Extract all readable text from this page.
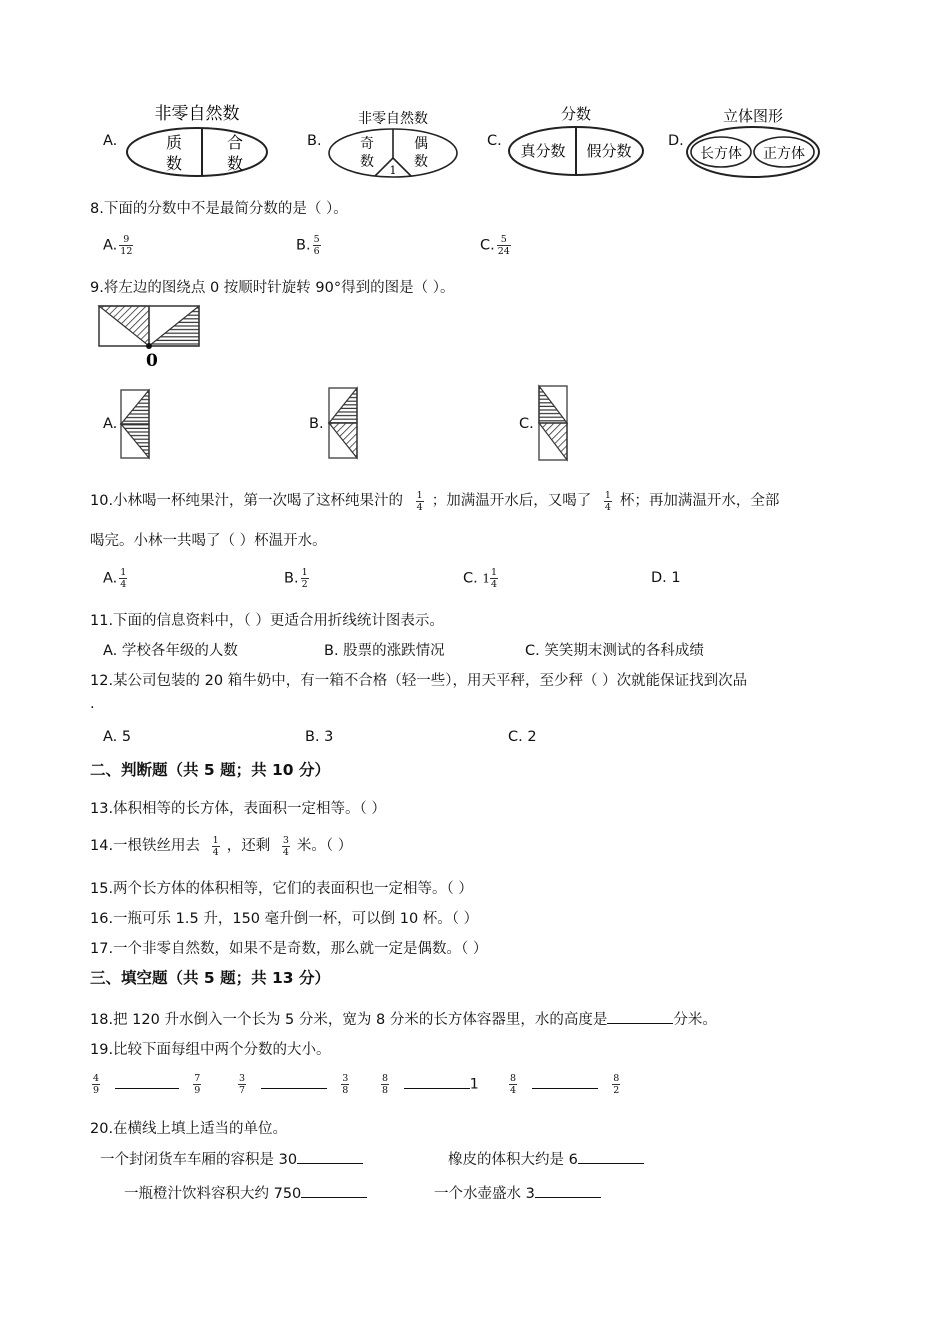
A.
非零自然数
质
数
合
数
B.
非零自然数
奇
数
偶
数
1
C.
分数
真分数 假分数
D.
立体图形
长方体 正方体
8.下面的分数中不是最简分数的是（ ）。
A. $\frac{9}{12}$	B. $\frac{5}{6}$	C. $\frac{5}{24}$
9.将左边的图绕点 0 按顺时针旋转 90°得到的图是（ ）。
0
A.	B.	C.
10.小林喝一杯纯果汁，第一次喝了这杯纯果汁的 $\frac{1}{4}$ ；加满温开水后，又喝了 $\frac{1}{4}$ 杯；再加满温开水，全部
喝完。小林一共喝了（ ）杯温开水。
A. $\frac{1}{4}$	B. $\frac{1}{2}$	C. $1 \frac{1}{4}$	D. 1
11.下面的信息资料中，（ ）更适合用折线统计图表示。
A. 学校各年级的人数	B. 股票的涨跌情况	C. 笑笑期末测试的各科成绩
12.某公司包装的 20 箱牛奶中，有一箱不合格（轻一些），用天平秤，至少秤（ ）次就能保证找到次品
.
A. 5	B. 3	C. 2
二、判断题（共 5 题；共 10 分）
13.体积相等的长方体，表面积一定相等。（ ）
14.一根铁丝用去 $\frac{1}{4}$ ，还剩 $\frac{3}{4}$ 米。（ ）
15.两个长方体的体积相等，它们的表面积也一定相等。（ ）
16.一瓶可乐 1.5 升，150 毫升倒一杯，可以倒 10 杯。（ ）
17.一个非零自然数，如果不是奇数，那么就一定是偶数。（ ）
三、填空题（共 5 题；共 13 分）
18.把 120 升水倒入一个长为 5 分米，宽为 8 分米的长方体容器里，水的高度是	分米。
19.比较下面每组中两个分数的大小。
$\frac{4}{9}$
	$\frac{7}{9}$	$\frac{3}{7}$
	$\frac{3}{8}$	$\frac{8}{8}$	1	$\frac{8}{4}$
	$\frac{8}{2}$
20.在横线上填上适当的单位。
一个封闭货车车厢的容积是 30	橡皮的体积大约是 6
一瓶橙汁饮料容积大约 750	一个水壶盛水 3
